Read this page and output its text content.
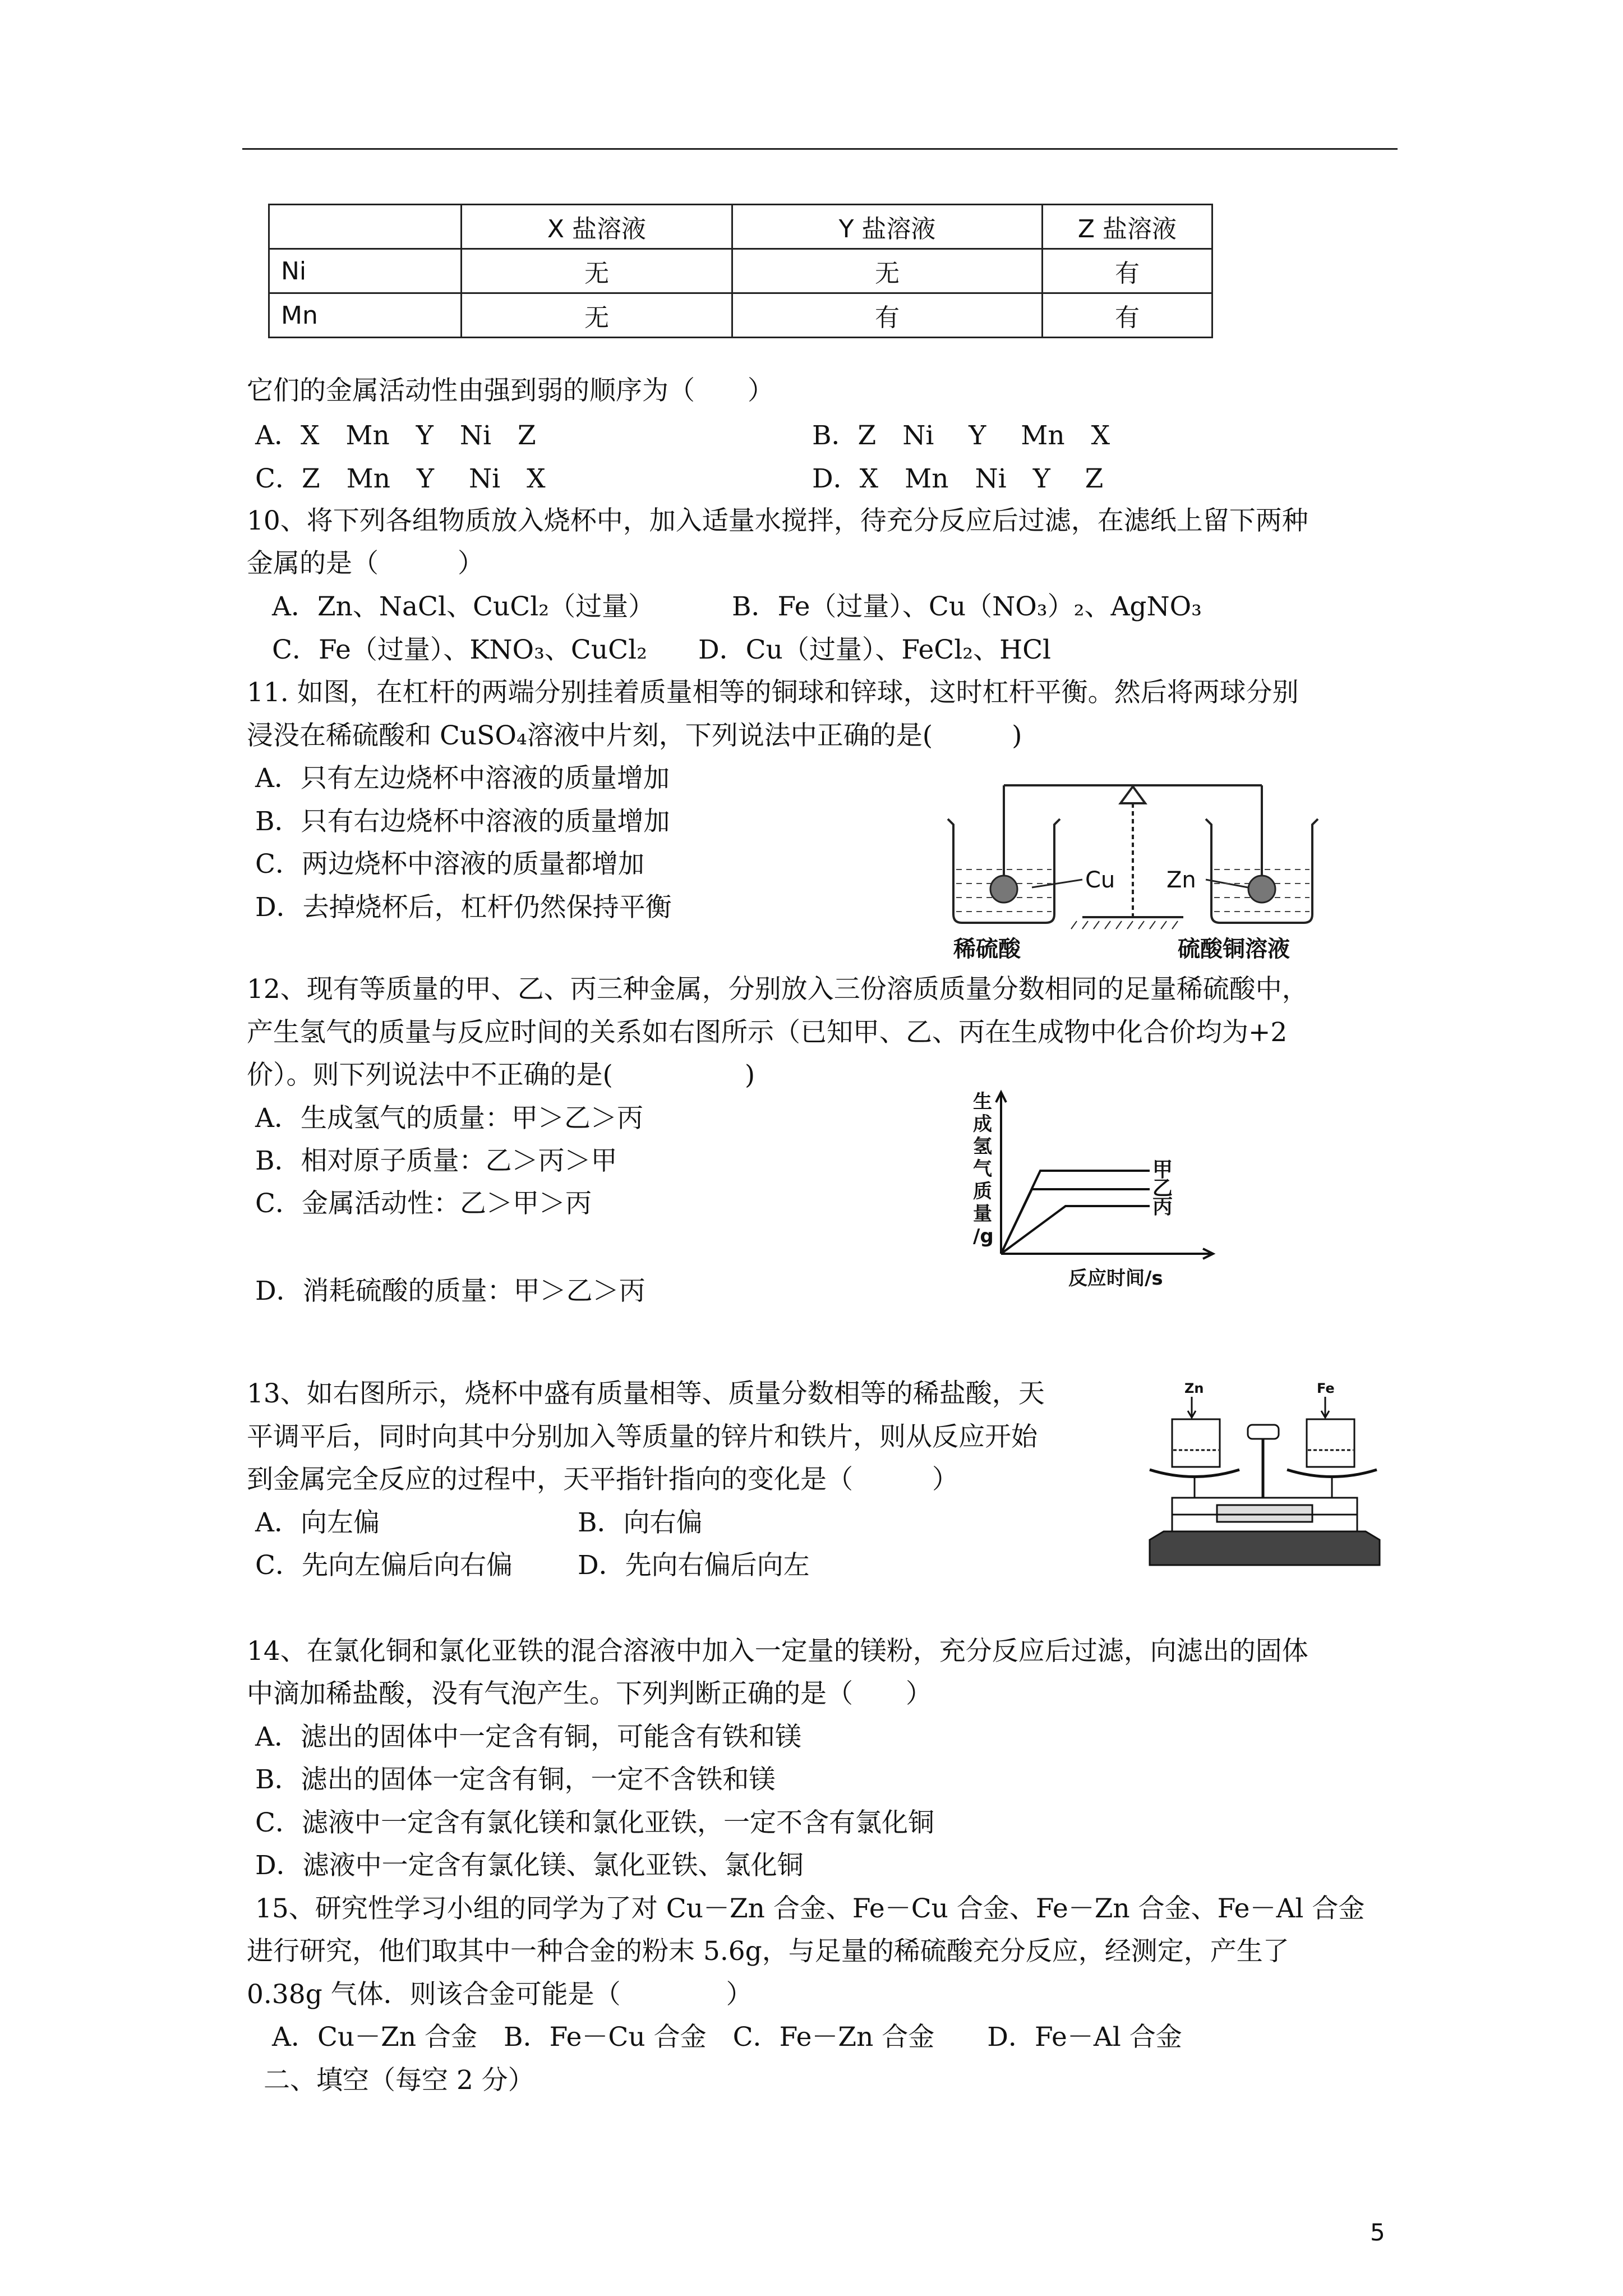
	X 盐溶液	Y 盐溶液	Z 盐溶液
Ni	无	无	有
Mn	无	有	有
它们的金属活动性由强到弱的顺序为（　　）
A．X　Mn　Y　Ni　Z	B．Z　Ni　 Y　 Mn　X
C．Z　Mn　Y　 Ni　X	D．X　Mn　Ni　Y　 Z
10、将下列各组物质放入烧杯中，加入适量水搅拌，待充分反应后过滤，在滤纸上留下两种
金属的是（　　　）
A．Zn、NaCl、CuCl₂（过量）	B．Fe（过量）、Cu（NO₃）₂、AgNO₃
C．Fe（过量）、KNO₃、CuCl₂ D．Cu（过量）、FeCl₂、HCl
11. 如图，在杠杆的两端分别挂着质量相等的铜球和锌球，这时杠杆平衡。然后将两球分别
浸没在稀硫酸和 CuSO₄溶液中片刻，下列说法中正确的是(　　　)
A．只有左边烧杯中溶液的质量增加
B．只有右边烧杯中溶液的质量增加
C．两边烧杯中溶液的质量都增加
D．去掉烧杯后，杠杆仍然保持平衡
Cu Zn
稀硫酸	硫酸铜溶液
12、现有等质量的甲、乙、丙三种金属，分别放入三份溶质质量分数相同的足量稀硫酸中，
产生氢气的质量与反应时间的关系如右图所示（已知甲、乙、丙在生成物中化合价均为+2
价）。则下列说法中不正确的是(　　　　　)
A．生成氢气的质量：甲＞乙＞丙
B．相对原子质量：乙＞丙＞甲
C．金属活动性：乙＞甲＞丙
D．消耗硫酸的质量：甲＞乙＞丙
生
成
氢
气
质
量
/g
甲
乙
丙
反应时间/s
13、如右图所示，烧杯中盛有质量相等、质量分数相等的稀盐酸，天
平调平后，同时向其中分别加入等质量的锌片和铁片，则从反应开始
到金属完全反应的过程中，天平指针指向的变化是（　　　）
A．向左偏	B．向右偏
C．先向左偏后向右偏 D．先向右偏后向左
Zn	Fe
14、在氯化铜和氯化亚铁的混合溶液中加入一定量的镁粉，充分反应后过滤，向滤出的固体
中滴加稀盐酸，没有气泡产生。下列判断正确的是（　　）
A．滤出的固体中一定含有铜，可能含有铁和镁
B．滤出的固体一定含有铜，一定不含铁和镁
C．滤液中一定含有氯化镁和氯化亚铁，一定不含有氯化铜
D．滤液中一定含有氯化镁、氯化亚铁、氯化铜
15、研究性学习小组的同学为了对 Cu－Zn 合金、Fe－Cu 合金、Fe－Zn 合金、Fe－Al 合金
进行研究，他们取其中一种合金的粉末 5.6g，与足量的稀硫酸充分反应，经测定，产生了
0.38g 气体．则该合金可能是（　　　　）
A．Cu－Zn 合金　B．Fe－Cu 合金　C．Fe－Zn 合金　　D．Fe－Al 合金
二、填空（每空 2 分）
5
